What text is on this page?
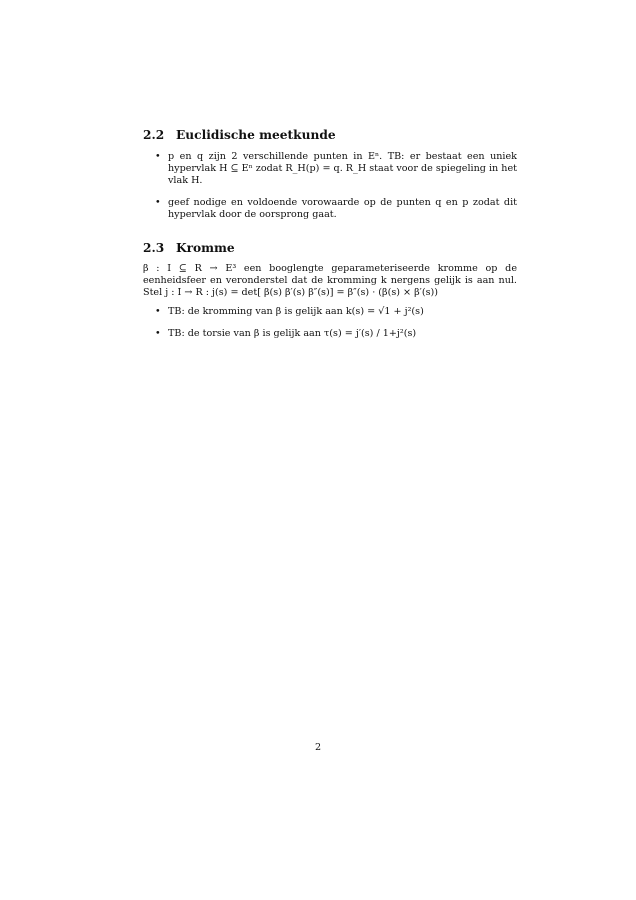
2.2 Euclidische meetkunde
• p en q zijn 2 verschillende punten in Eⁿ. TB: er bestaat een uniek hypervlak H ⊆ Eⁿ zodat R_H(p) = q. R_H staat voor de spiegeling in het vlak H.
• geef nodige en voldoende vorowaarde op de punten q en p zodat dit hypervlak door de oorsprong gaat.
2.3 Kromme
β : I ⊆ R → E³ een booglengte geparameteriseerde kromme op de eenheidsfeer en veronderstel dat de kromming k nergens gelijk is aan nul. Stel j : I → R : j(s) = det[ β(s) β′(s) β″(s)] = β″(s) · (β(s) × β′(s))
• TB: de kromming van β is gelijk aan k(s) = √1 + j²(s)
• TB: de torsie van β is gelijk aan τ(s) = j′(s) / 1+j²(s)
2
